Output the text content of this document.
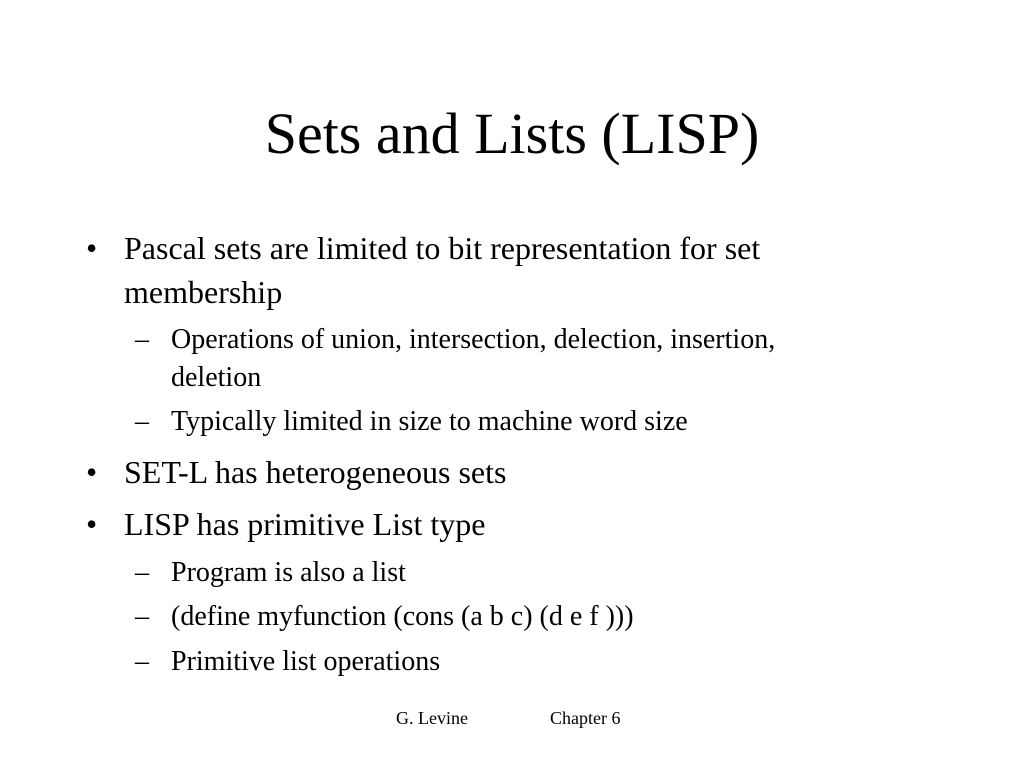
Sets and Lists (LISP)
• Pascal sets are limited to bit representation for set
membership
– Operations of union, intersection, delection, insertion,
deletion
– Typically limited in size to machine word size
• SET-L has heterogeneous sets
• LISP has primitive List type
– Program is also a list
– (define myfunction (cons (a b c) (d e f )))
– Primitive list operations
G. Levine	Chapter 6
